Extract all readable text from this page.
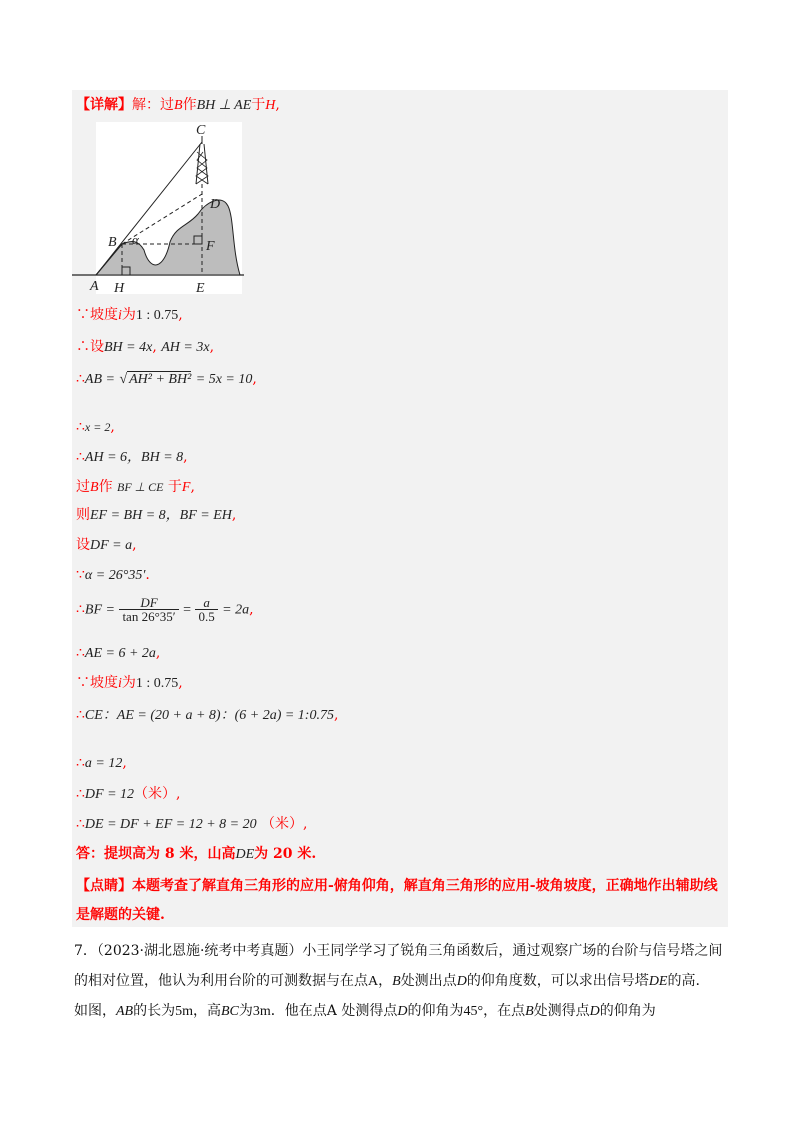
【详解】解：过B作BH ⊥ AE于H,
C
D
B α	F
A H	E
∵坡度i为1 : 0.75,
∴设BH = 4x, AH = 3x,
∴AB = √ AH² + BH² = 5x = 10,
∴x = 2,
∴AH = 6，BH = 8,
过B作 BF ⊥ CE 于F,
则EF = BH = 8，BF = EH,
设DF = a,
∵α = 26°35′.
∴BF = $\frac{DF}{\tan 26^\circ 35'} = \frac{a}{0.5} = 2a$,
∴AE = 6 + 2a,
∵坡度i为1 : 0.75,
∴CE：AE = (20 + a + 8)：(6 + 2a) = 1:0.75,
∴a = 12,
∴DF = 12（米）,
∴DE = DF + EF = 12 + 8 = 20 （米）,
答：提坝高为 8 米，山高DE为 20 米.
【点睛】本题考查了解直角三角形的应用-俯角仰角，解直角三角形的应用-坡角坡度，正确地作出辅助线
是解题的关键.
7．（2023·湖北恩施·统考中考真题）小王同学学习了锐角三角函数后，通过观察广场的台阶与信号塔之间
的相对位置，他认为利用台阶的可测数据与在点A，B处测出点D的仰角度数，可以求出信号塔DE的高.
如图，AB的长为5m，高BC为3m．他在点A 处测得点D的仰角为45°，在点B处测得点D的仰角为
